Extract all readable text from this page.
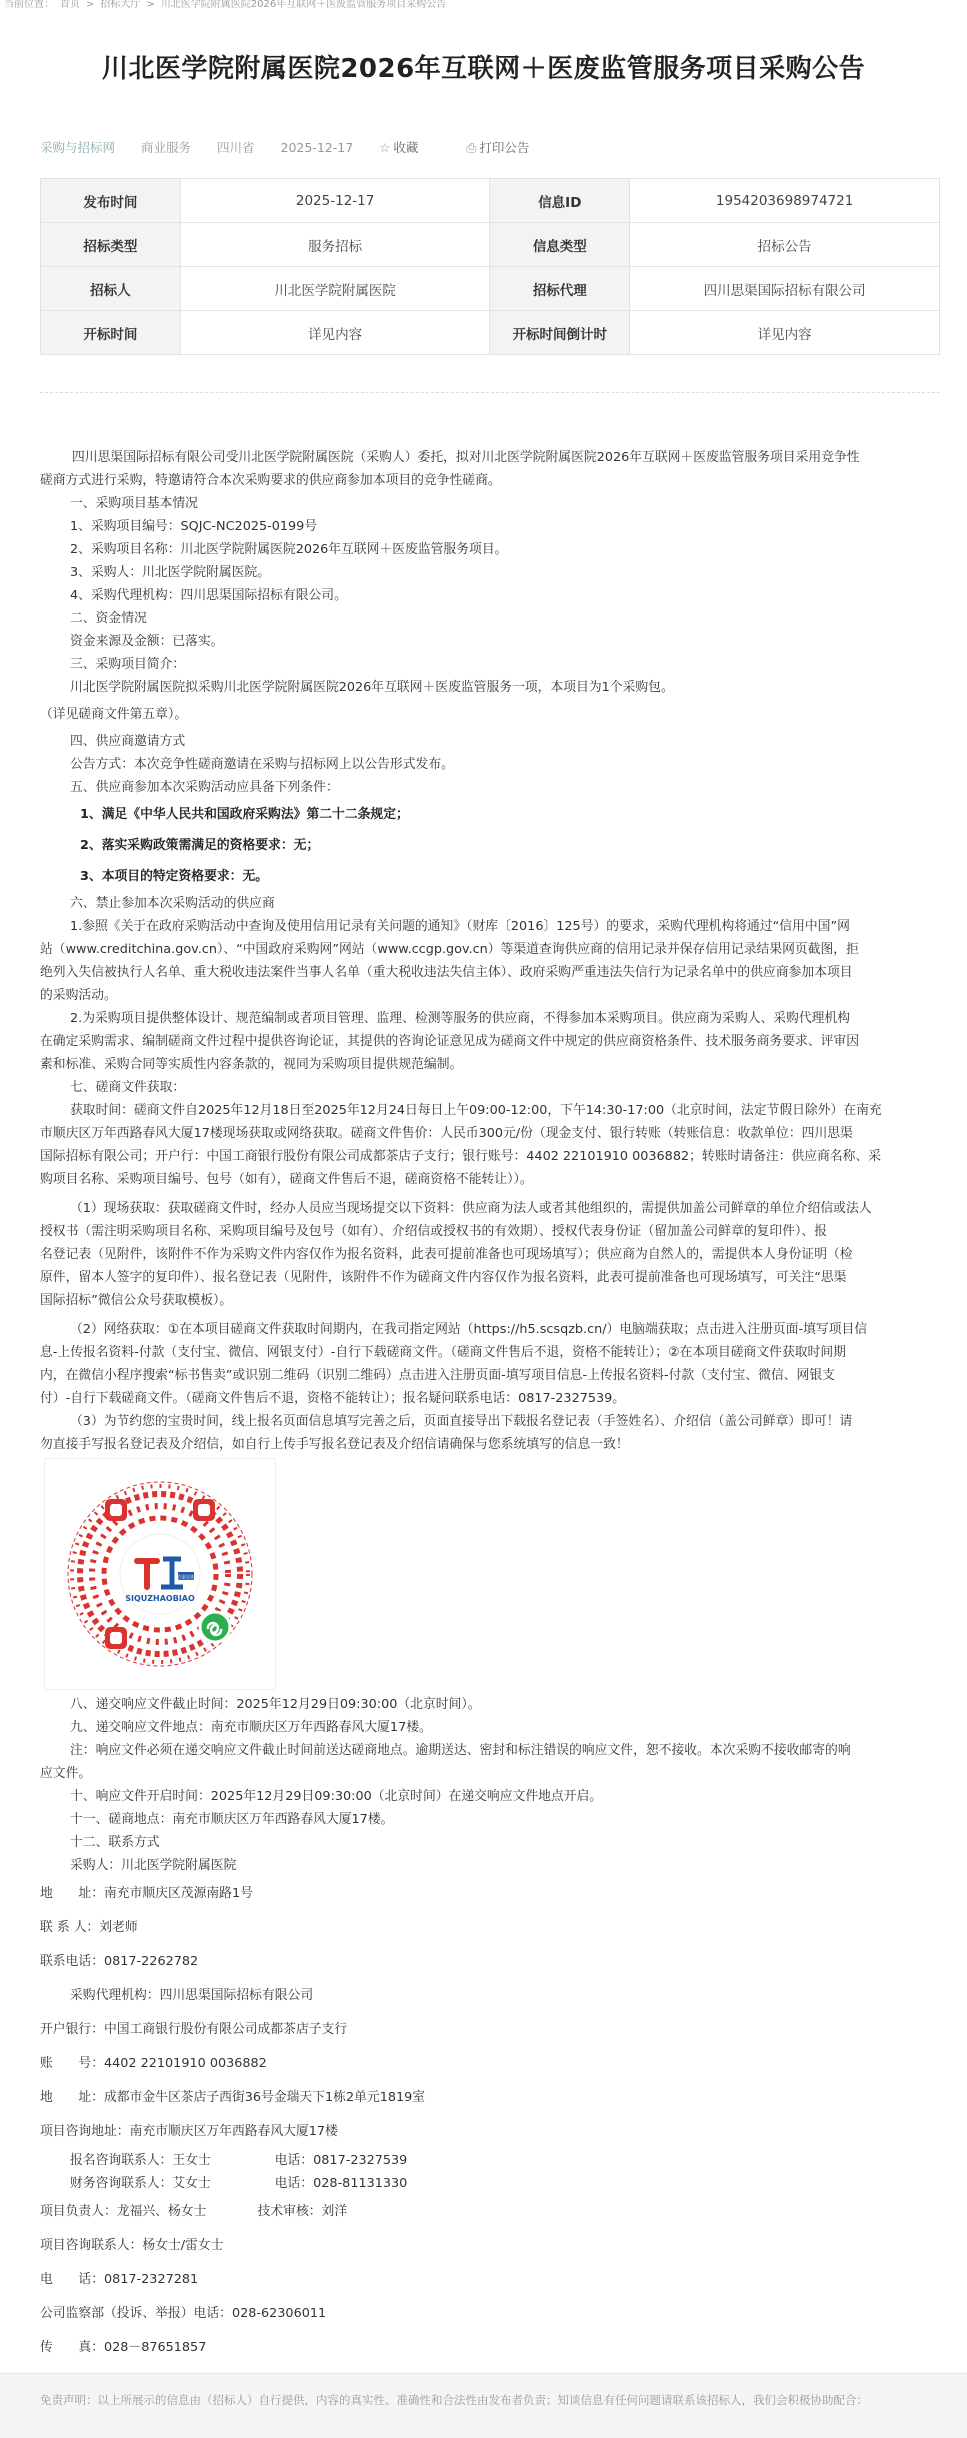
当前位置： 首页 > 招标大厅 > 川北医学院附属医院2026年互联网＋医废监管服务项目采购公告
川北医学院附属医院2026年互联网＋医废监管服务项目采购公告
采购与招标网 商业服务 四川省 2025-12-17 ☆ 收藏	⎙ 打印公告
发布时间	2025-12-17	信息ID	1954203698974721
招标类型	服务招标	信息类型	招标公告
招标人	川北医学院附属医院	招标代理	四川思渠国际招标有限公司
开标时间	详见内容	开标时间倒计时	详见内容

四川思渠国际招标有限公司受川北医学院附属医院（采购人）委托，拟对川北医学院附属医院2026年互联网＋医废监管服务项目采用竞争性

磋商方式进行采购，特邀请符合本次采购要求的供应商参加本项目的竞争性磋商。

一、采购项目基本情况

1、采购项目编号：SQJC-NC2025-0199号

2、采购项目名称：川北医学院附属医院2026年互联网＋医废监管服务项目。

3、采购人：川北医学院附属医院。

4、采购代理机构：四川思渠国际招标有限公司。

二、资金情况

资金来源及金额：已落实。

三、采购项目简介：

川北医学院附属医院拟采购川北医学院附属医院2026年互联网＋医废监管服务一项，本项目为1个采购包。

（详见磋商文件第五章）。

四、供应商邀请方式

公告方式：本次竞争性磋商邀请在采购与招标网上以公告形式发布。

五、供应商参加本次采购活动应具备下列条件：

1、满足《中华人民共和国政府采购法》第二十二条规定；

2、落实采购政策需满足的资格要求：无；

3、本项目的特定资格要求：无。

六、禁止参加本次采购活动的供应商

1.参照《关于在政府采购活动中查询及使用信用记录有关问题的通知》（财库〔2016〕125号）的要求，采购代理机构将通过“信用中国”网

站（www.creditchina.gov.cn）、“中国政府采购网”网站（www.ccgp.gov.cn）等渠道查询供应商的信用记录并保存信用记录结果网页截图，拒

绝列入失信被执行人名单、重大税收违法案件当事人名单（重大税收违法失信主体）、政府采购严重违法失信行为记录名单中的供应商参加本项目

的采购活动。

2.为采购项目提供整体设计、规范编制或者项目管理、监理、检测等服务的供应商，不得参加本采购项目。供应商为采购人、采购代理机构

在确定采购需求、编制磋商文件过程中提供咨询论证，其提供的咨询论证意见成为磋商文件中规定的供应商资格条件、技术服务商务要求、评审因

素和标准、采购合同等实质性内容条款的，视同为采购项目提供规范编制。

七、磋商文件获取：

获取时间：磋商文件自2025年12月18日至2025年12月24日每日上午09:00-12:00，下午14:30-17:00（北京时间，法定节假日除外）在南充

市顺庆区万年西路春风大厦17楼现场获取或网络获取。磋商文件售价：人民币300元/份（现金支付、银行转账（转账信息：收款单位：四川思渠

国际招标有限公司；开户行：中国工商银行股份有限公司成都茶店子支行；银行账号：4402 22101910 0036882；转账时请备注：供应商名称、采

购项目名称、采购项目编号、包号（如有），磋商文件售后不退，磋商资格不能转让））。

（1）现场获取：获取磋商文件时，经办人员应当现场提交以下资料：供应商为法人或者其他组织的，需提供加盖公司鲜章的单位介绍信或法人

授权书（需注明采购项目名称、采购项目编号及包号（如有）、介绍信或授权书的有效期）、授权代表身份证（留加盖公司鲜章的复印件）、报

名登记表（见附件，该附件不作为采购文件内容仅作为报名资料，此表可提前准备也可现场填写）；供应商为自然人的，需提供本人身份证明（检

原件，留本人签字的复印件）、报名登记表（见附件，该附件不作为磋商文件内容仅作为报名资料，此表可提前准备也可现场填写，可关注“思渠

国际招标”微信公众号获取模板）。

（2）网络获取：①在本项目磋商文件获取时间期内，在我司指定网站（https://h5.scsqzb.cn/）电脑端获取；点击进入注册页面-填写项目信

息-上传报名资料-付款（支付宝、微信、网银支付）-自行下载磋商文件。（磋商文件售后不退，资格不能转让）；②在本项目磋商文件获取时间期

内，在微信小程序搜索“标书售卖”或识别二维码（识别二维码）点击进入注册页面-填写项目信息-上传报名资料-付款（支付宝、微信、网银支

付）-自行下载磋商文件。（磋商文件售后不退，资格不能转让）；报名疑问联系电话：0817-2327539。

（3）为节约您的宝贵时间，线上报名页面信息填写完善之后，页面直接导出下载报名登记表（手签姓名）、介绍信（盖公司鲜章）即可！请

勿直接手写报名登记表及介绍信，如自行上传手写报名登记表及介绍信请确保与您系统填写的信息一致！

SIQUZHAOBIAO
思渠招标

八、递交响应文件截止时间：2025年12月29日09:30:00（北京时间）。

九、递交响应文件地点：南充市顺庆区万年西路春风大厦17楼。

注：响应文件必须在递交响应文件截止时间前送达磋商地点。逾期送达、密封和标注错误的响应文件，恕不接收。本次采购不接收邮寄的响

应文件。

十、响应文件开启时间：2025年12月29日09:30:00（北京时间）在递交响应文件地点开启。

十一、磋商地点：南充市顺庆区万年西路春风大厦17楼。

十二、联系方式

采购人：川北医学院附属医院

地　　址：南充市顺庆区茂源南路1号

联 系 人：刘老师

联系电话：0817-2262782

采购代理机构：四川思渠国际招标有限公司

开户银行：中国工商银行股份有限公司成都茶店子支行

账　　号：4402 22101910 0036882

地　　址：成都市金牛区茶店子西街36号金瑞天下1栋2单元1819室

项目咨询地址：南充市顺庆区万年西路春风大厦17楼

报名咨询联系人：王女士　　　　　电话：0817-2327539

财务咨询联系人：艾女士　　　　　电话：028-81131330

项目负责人：龙福兴、杨女士　　　　技术审核：刘洋

项目咨询联系人：杨女士/雷女士

电　　话：0817-2327281

公司监察部（投诉、举报）电话：028-62306011

传　　真：028－87651857

免责声明：以上所展示的信息由（招标人）自行提供，内容的真实性、准确性和合法性由发布者负责；知谈信息有任何问题请联系该招标人，我们会积极协助配合：
